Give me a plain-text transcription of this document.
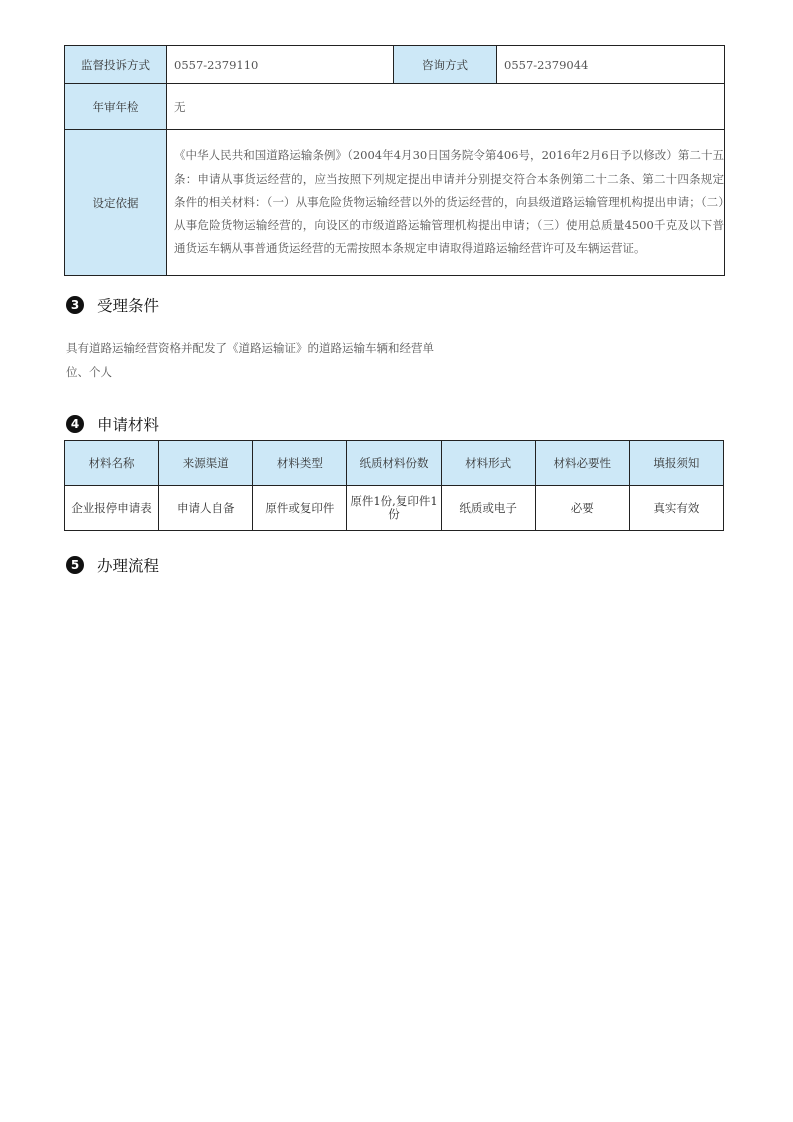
监督投诉方式	0557-2379110	咨询方式	0557-2379044
年审年检	无		
设定依据	《中华人民共和国道路运输条例》（2004年4月30日国务院令第406号，2016年2月6日予以修改）第二十五条：申请从事货运经营的，应当按照下列规定提出申请并分别提交符合本条例第二十二条、第二十四条规定条件的相关材料：（一）从事危险货物运输经营以外的货运经营的，向县级道路运输管理机构提出申请；（二）从事危险货物运输经营的，向设区的市级道路运输管理机构提出申请；（三）使用总质量4500千克及以下普通货运车辆从事普通货运经营的无需按照本条规定申请取得道路运输经营许可及车辆运营证。		
3	受理条件
具有道路运输经营资格并配发了《道路运输证》的道路运输车辆和经营单
位、个人
4	申请材料
材料名称	来源渠道	材料类型	纸质材料份数	材料形式	材料必要性	填报须知
企业报停申请表	申请人自备	原件或复印件	原件1份,复印件1份	纸质或电子	必要	真实有效
5	办理流程
